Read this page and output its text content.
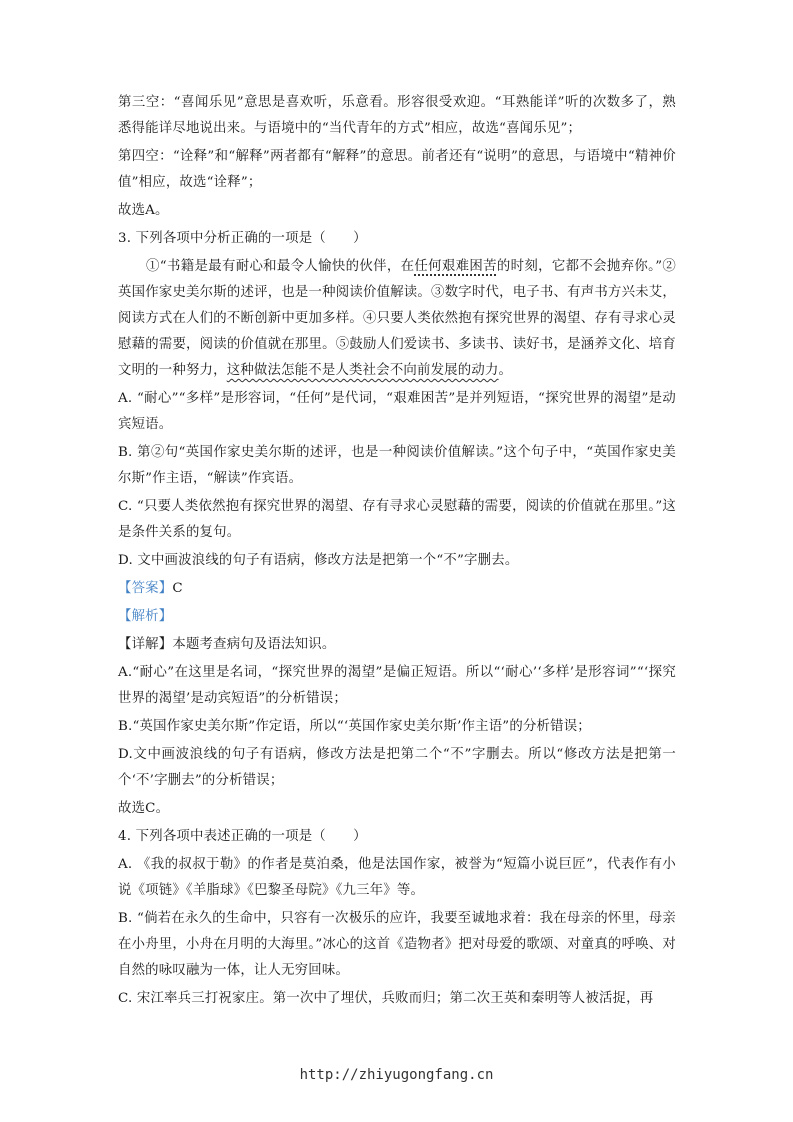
第三空：“喜闻乐见”意思是喜欢听，乐意看。形容很受欢迎。“耳熟能详”听的次数多了，熟悉得能详尽地说出来。与语境中的“当代青年的方式”相应，故选“喜闻乐见”；

第四空：“诠释”和“解释”两者都有“解释”的意思。前者还有“说明”的意思，与语境中“精神价值”相应，故选“诠释”；

故选A。

3. 下列各项中分析正确的一项是（　　）

①“书籍是最有耐心和最令人愉快的伙伴，在任何艰难困苦的时刻，它都不会抛弃你。”②英国作家史美尔斯的述评，也是一种阅读价值解读。③数字时代，电子书、有声书方兴未艾，阅读方式在人们的不断创新中更加多样。④只要人类依然抱有探究世界的渴望、存有寻求心灵慰藉的需要，阅读的价值就在那里。⑤鼓励人们爱读书、多读书、读好书，是涵养文化、培育文明的一种努力，这种做法怎能不是人类社会不向前发展的动力。

A. “耐心”“多样”是形容词，“任何”是代词，“艰难困苦”是并列短语，“探究世界的渴望”是动宾短语。

B. 第②句“英国作家史美尔斯的述评，也是一种阅读价值解读。”这个句子中，“英国作家史美尔斯”作主语，“解读”作宾语。

C. “只要人类依然抱有探究世界的渴望、存有寻求心灵慰藉的需要，阅读的价值就在那里。”这是条件关系的复句。

D. 文中画波浪线的句子有语病，修改方法是把第一个“不”字删去。

【答案】C

【解析】

【详解】本题考查病句及语法知识。

A.“耐心”在这里是名词，“探究世界的渴望”是偏正短语。所以“‘耐心’‘多样’是形容词”“‘探究世界的渴望’是动宾短语”的分析错误；

B.“英国作家史美尔斯”作定语，所以“‘英国作家史美尔斯’作主语”的分析错误；

D.文中画波浪线的句子有语病，修改方法是把第二个“不”字删去。所以“修改方法是把第一个‘不’字删去”的分析错误；

故选C。

4. 下列各项中表述正确的一项是（　　）

A. 《我的叔叔于勒》的作者是莫泊桑，他是法国作家，被誉为“短篇小说巨匠”，代表作有小说《项链》《羊脂球》《巴黎圣母院》《九三年》等。

B. “倘若在永久的生命中，只容有一次极乐的应许，我要至诚地求着：我在母亲的怀里，母亲在小舟里，小舟在月明的大海里。”冰心的这首《造物者》把对母爱的歌颂、对童真的呼唤、对自然的咏叹融为一体，让人无穷回味。

C. 宋江率兵三打祝家庄。第一次中了埋伏，兵败而归；第二次王英和秦明等人被活捉，再

http://zhiyugongfang.cn
